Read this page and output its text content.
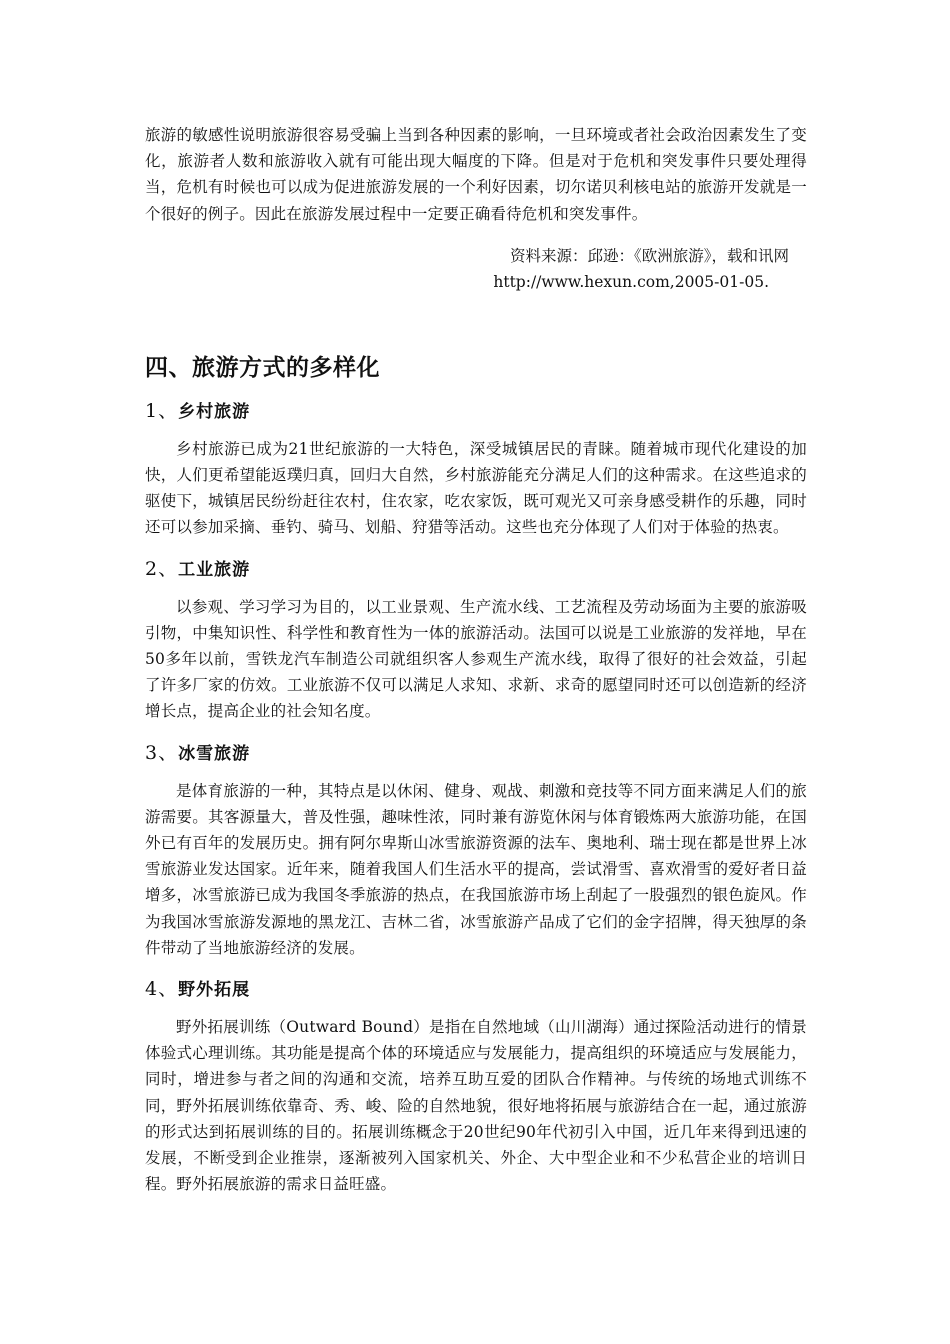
旅游的敏感性说明旅游很容易受骗上当到各种因素的影响，一旦环境或者社会政治因素发生了变化，旅游者人数和旅游收入就有可能出现大幅度的下降。但是对于危机和突发事件只要处理得当，危机有时候也可以成为促进旅游发展的一个利好因素，切尔诺贝利核电站的旅游开发就是一个很好的例子。因此在旅游发展过程中一定要正确看待危机和突发事件。

资料来源：邱逊：《欧洲旅游》，载和讯网
http://www.hexun.com,2005-01-05.
四、旅游方式的多样化
1、乡村旅游

乡村旅游已成为21世纪旅游的一大特色，深受城镇居民的青睐。随着城市现代化建设的加快，人们更希望能返璞归真，回归大自然，乡村旅游能充分满足人们的这种需求。在这些追求的驱使下，城镇居民纷纷赶往农村，住农家，吃农家饭，既可观光又可亲身感受耕作的乐趣，同时还可以参加采摘、垂钓、骑马、划船、狩猎等活动。这些也充分体现了人们对于体验的热衷。

2、工业旅游

以参观、学习学习为目的，以工业景观、生产流水线、工艺流程及劳动场面为主要的旅游吸引物，中集知识性、科学性和教育性为一体的旅游活动。法国可以说是工业旅游的发祥地，早在50多年以前，雪铁龙汽车制造公司就组织客人参观生产流水线，取得了很好的社会效益，引起了许多厂家的仿效。工业旅游不仅可以满足人求知、求新、求奇的愿望同时还可以创造新的经济增长点，提高企业的社会知名度。

3、冰雪旅游

是体育旅游的一种，其特点是以休闲、健身、观战、刺激和竞技等不同方面来满足人们的旅游需要。其客源量大，普及性强，趣味性浓，同时兼有游览休闲与体育锻炼两大旅游功能，在国外已有百年的发展历史。拥有阿尔卑斯山冰雪旅游资源的法车、奥地利、瑞士现在都是世界上冰雪旅游业发达国家。近年来，随着我国人们生活水平的提高，尝试滑雪、喜欢滑雪的爱好者日益增多，冰雪旅游已成为我国冬季旅游的热点，在我国旅游市场上刮起了一股强烈的银色旋风。作为我国冰雪旅游发源地的黑龙江、吉林二省，冰雪旅游产品成了它们的金字招牌，得天独厚的条件带动了当地旅游经济的发展。

4、野外拓展

野外拓展训练（Outward Bound）是指在自然地域（山川湖海）通过探险活动进行的情景体验式心理训练。其功能是提高个体的环境适应与发展能力，提高组织的环境适应与发展能力，同时，增进参与者之间的沟通和交流，培养互助互爱的团队合作精神。与传统的场地式训练不同，野外拓展训练依靠奇、秀、峻、险的自然地貌，很好地将拓展与旅游结合在一起，通过旅游的形式达到拓展训练的目的。拓展训练概念于20世纪90年代初引入中国，近几年来得到迅速的发展，不断受到企业推崇，逐渐被列入国家机关、外企、大中型企业和不少私营企业的培训日程。野外拓展旅游的需求日益旺盛。
